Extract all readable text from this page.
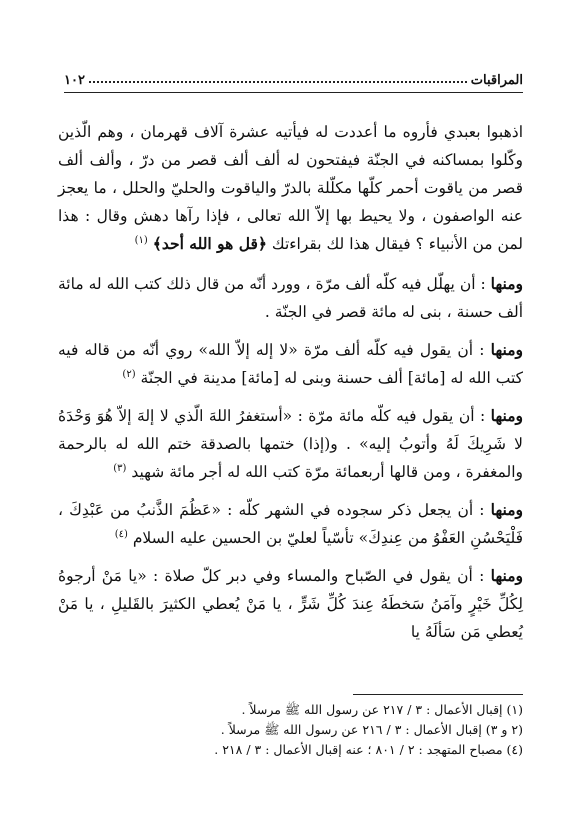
المراقبات
١٠٢

اذهبوا بعبدي فأروه ما أعددت له فيأتيه عشرة آلاف قهرمان ، وهم الّذين وكّلوا بمساكنه في الجنّة فيفتحون له ألف ألف قصر من درّ ، وألف ألف قصر من ياقوت أحمر كلّها مكلّلة بالدرّ والياقوت والحليّ والحلل ، ما يعجز عنه الواصفون ، ولا يحيط بها إلاّ الله تعالى ، فإذا رآها دهش وقال : هذا لمن من الأنبياء ؟ فيقال هذا لك بقراءتك ﴿قل هو الله أحد﴾ $^{(١)}$

ومنها : أن يهلّل فيه كلّه ألف مرّة ، وورد أنّه من قال ذلك كتب الله له مائة ألف حسنة ، بنى له مائة قصر في الجنّة .

ومنها : أن يقول فيه كلّه ألف مرّة «لا إله إلاّ الله» روي أنّه من قاله فيه كتب الله له [مائة] ألف حسنة وبنى له [مائة] مدينة في الجنّة $^{(٢)}$

ومنها : أن يقول فيه كلّه مائة مرّة : «أستغفرُ اللهَ الّذي لا إلهَ إلاّ هُوَ وَحْدَهُ لا شَرِيكَ لَهُ وأتوبُ إليه» . و(إذا) ختمها بالصدقة ختم الله له بالرحمة والمغفرة ، ومن قالها أربعمائة مرّة كتب الله له أجر مائة شهيد $^{(٣)}$

ومنها : أن يجعل ذكر سجوده في الشهر كلّه : «عَظُمَ الذَّنبُ من عَبْدِكَ ، فَلْيَحْسُنِ العَفْوُ من عِندِكَ» تأسّياً لعليّ بن الحسين عليه السلام $^{(٤)}$

ومنها : أن يقول في الصّباح والمساء وفي دبر كلّ صلاة : «يا مَنْ أرجوهُ لِكُلِّ خَيْرٍ وآمَنُ سَخطَهُ عِندَ كُلِّ شَرٍّ ، يا مَنْ يُعطي الكثيرَ بالقَليلِ ، يا مَنْ يُعطي مَن سَألَهُ يا

(١) إقبال الأعمال : ٣ / ٢١٧ عن رسول الله ﷺ مرسلاً .

(٢ و ٣) إقبال الأعمال : ٣ / ٢١٦ عن رسول الله ﷺ مرسلاً .

(٤) مصباح المتهجد : ٢ / ٨٠١ ؛ عنه إقبال الأعمال : ٣ / ٢١٨ .
